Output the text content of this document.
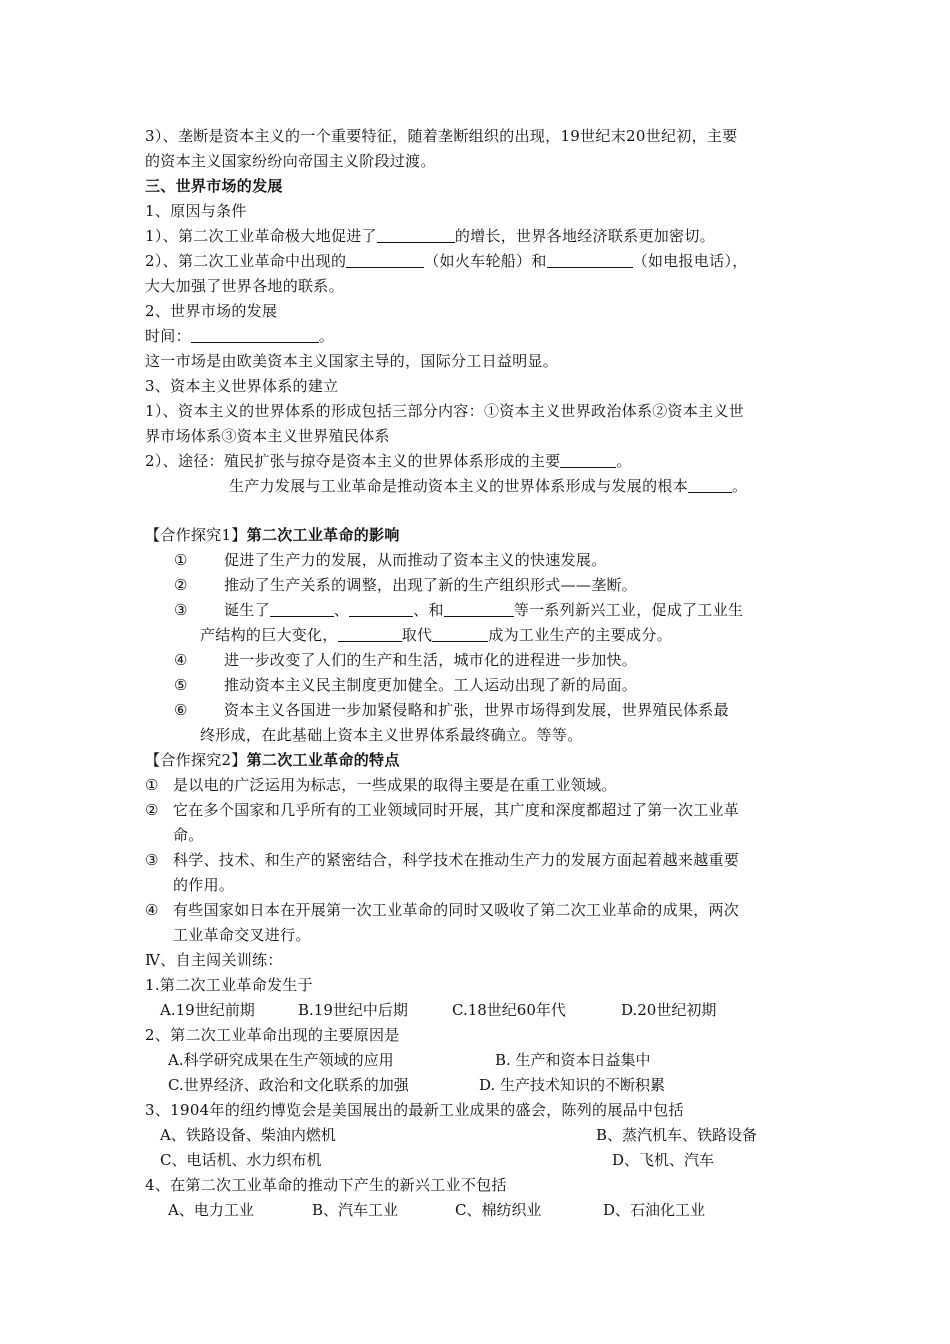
3）、垄断是资本主义的一个重要特征，随着垄断组织的出现，19世纪末20世纪初，主要
的资本主义国家纷纷向帝国主义阶段过渡。
三、世界市场的发展
1、原因与条件
1）、第二次工业革命极大地促进了	的增长，世界各地经济联系更加密切。
2）、第二次工业革命中出现的	（如火车轮船）和	（如电报电话），
大大加强了世界各地的联系。
2、世界市场的发展
时间：	。
这一市场是由欧美资本主义国家主导的，国际分工日益明显。
3、资本主义世界体系的建立
1）、资本主义的世界体系的形成包括三部分内容：①资本主义世界政治体系②资本主义世
界市场体系③资本主义世界殖民体系
2）、途径：殖民扩张与掠夺是资本主义的世界体系形成的主要	。
生产力发展与工业革命是推动资本主义的世界体系形成与发展的根本	。
【合作探究1】第二次工业革命的影响
① 促进了生产力的发展，从而推动了资本主义的快速发展。
② 推动了生产关系的调整，出现了新的生产组织形式——垄断。
③ 诞生了	、	、和	等一系列新兴工业，促成了工业生
产结构的巨大变化，	取代	成为工业生产的主要成分。
④ 进一步改变了人们的生产和生活，城市化的进程进一步加快。
⑤ 推动资本主义民主制度更加健全。工人运动出现了新的局面。
⑥ 资本主义各国进一步加紧侵略和扩张，世界市场得到发展，世界殖民体系最
终形成，在此基础上资本主义世界体系最终确立。等等。
【合作探究2】第二次工业革命的特点
① 是以电的广泛运用为标志，一些成果的取得主要是在重工业领域。
② 它在多个国家和几乎所有的工业领域同时开展，其广度和深度都超过了第一次工业革
命。
③ 科学、技术、和生产的紧密结合，科学技术在推动生产力的发展方面起着越来越重要
的作用。
④ 有些国家如日本在开展第一次工业革命的同时又吸收了第二次工业革命的成果，两次
工业革命交叉进行。
Ⅳ、自主闯关训练：
1.第二次工业革命发生于
A.19世纪前期	B.19世纪中后期	C.18世纪60年代	D.20世纪初期
2、第二次工业革命出现的主要原因是
A.科学研究成果在生产领域的应用	B. 生产和资本日益集中
C.世界经济、政治和文化联系的加强	D. 生产技术知识的不断积累
3、1904年的纽约博览会是美国展出的最新工业成果的盛会，陈列的展品中包括
A、铁路设备、柴油内燃机	B、蒸汽机车、铁路设备
C、电话机、水力织布机	D、飞机、汽车
4、在第二次工业革命的推动下产生的新兴工业不包括
A、电力工业	B、汽车工业	C、棉纺织业	D、石油化工业
